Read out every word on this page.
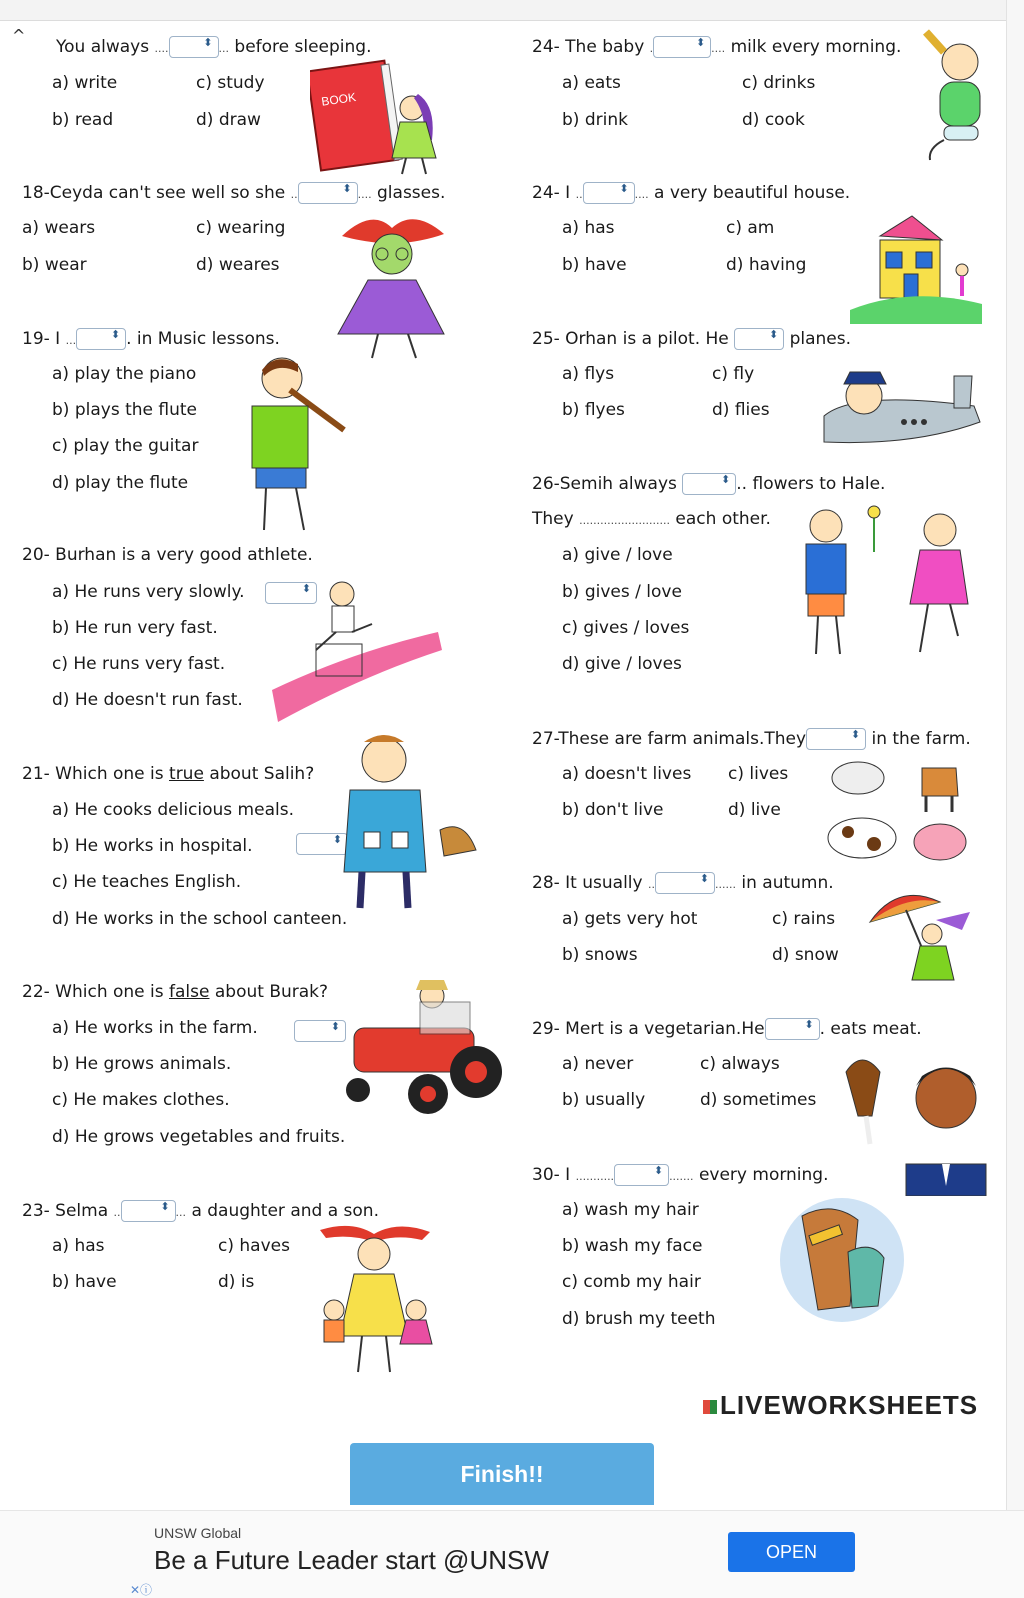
^
You always ....	⬍ ... before sleeping.
a) write	c) study
b) read	d) draw
18-Ceyda can't see well so she ..	⬍ .... glasses.
a) wears	c) wearing
b) wear	d) weares
19- I ...	⬍ . in Music lessons.
a) play the piano
b) plays the flute
c) play the guitar
d) play the flute
20- Burhan is a very good athlete.
a) He runs very slowly.	⬍
b) He run very fast.
c) He runs very fast.
d) He doesn't run fast.
21- Which one is true about Salih?
a) He cooks delicious meals.
b) He works in hospital.	⬍
c) He teaches English.
d) He works in the school canteen.
22- Which one is false about Burak?
a) He works in the farm.	⬍
b) He grows animals.
c) He makes clothes.
d) He grows vegetables and fruits.
23- Selma ..	⬍ ... a daughter and a son.
a) has	c) haves
b) have	d) is
24- The baby .	⬍ .... milk every morning.
a) eats	c) drinks
b) drink	d) cook
24- I ..	⬍ .... a very beautiful house.
a) has	c) am
b) have	d) having
25- Orhan is a pilot. He	⬍ planes.
a) flys	c) fly
b) flyes	d) flies
26-Semih always	⬍ .. flowers to Hale.
They .......................... each other.
a) give / love
b) gives / love
c) gives / loves
d) give / loves
27-These are farm animals.They	⬍ in the farm.
a) doesn't lives c) lives
b) don't live	d) live
28- It usually ..	⬍ ...... in autumn.
a) gets very hot	c) rains
b) snows	d) snow
29- Mert is a vegetarian.He	⬍ . eats meat.
a) never	c) always
b) usually	d) sometimes
30- I ...........	⬍ ....... every morning.
a) wash my hair
b) wash my face
c) comb my hair
d) brush my teeth
BOOK
LIVEWORKSHEETS
Finish!!
UNSW Global
Be a Future Leader start @UNSW	OPEN
✕ⓘ
